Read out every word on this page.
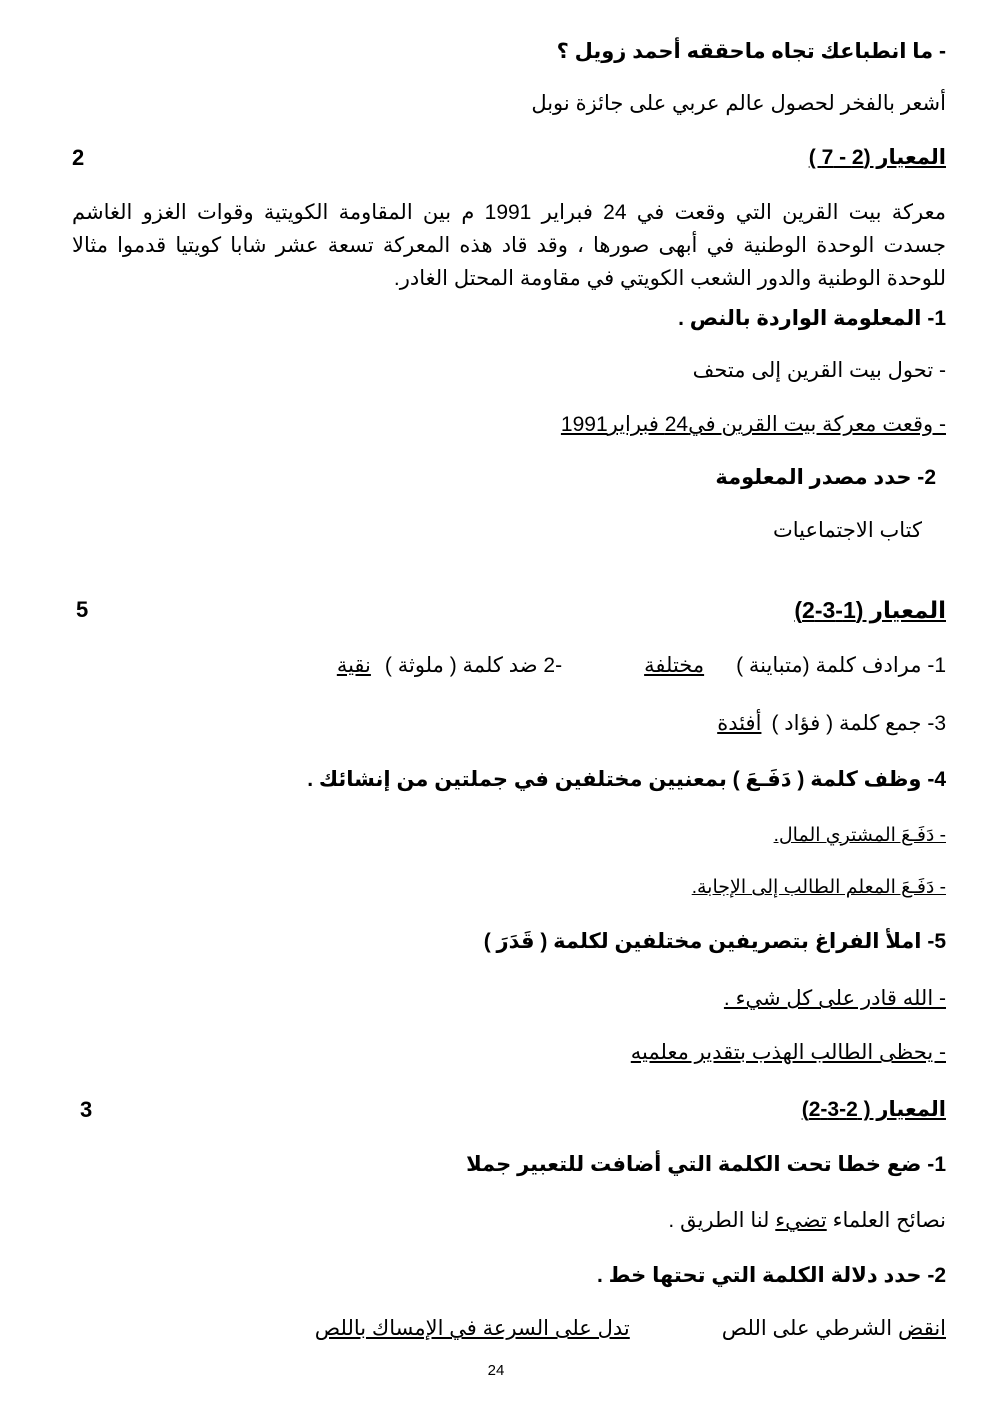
- ما انطباعك تجاه ماحققه أحمد زويل ؟
أشعر بالفخر لحصول عالم عربي على جائزة نوبل
المعيار (2 - 7 )
2
معركة بيت القرين التي وقعت في 24 فبراير 1991 م بين المقاومة الكويتية وقوات الغزو الغاشم جسدت الوحدة الوطنية في أبهى صورها ، وقد قاد هذه المعركة تسعة عشر شابا كويتيا قدموا مثالا للوحدة الوطنية والدور الشعب الكويتي في مقاومة المحتل الغادر.
1- المعلومة الواردة بالنص .
- تحول بيت القرين إلى متحف
- وقعت معركة بيت القرين في24 فبراير1991
2- حدد مصدر المعلومة
كتاب الاجتماعيات
المعيار (1-3-2)
5
1- مرادف كلمة (متباينة )مختلفة-2 ضد كلمة ( ملوثة )نقية
3- جمع كلمة ( فؤاد )أفئدة
4- وظف كلمة ( دَفَـعَ ) بمعنيين مختلفين في جملتين من إنشائك .
- دَفَـعَ المشتري المال.
- دَفَـعَ المعلم الطالب إلى الإجابة.
5- املأ الفراغ بتصريفين مختلفين لكلمة ( قَدَرَ )
- الله قادر على كل شيء .
- يحظى الطالب الهذب بتقدير معلميه
المعيار ( 2-3-2)
3
1- ضع خطا تحت الكلمة التي أضافت للتعبير جملا
نصائح العلماء تضيء لنا الطريق .
2- حدد دلالة الكلمة التي تحتها خط .
انقض الشرطي على اللصتدل على السرعة في الإمساك باللص
24
